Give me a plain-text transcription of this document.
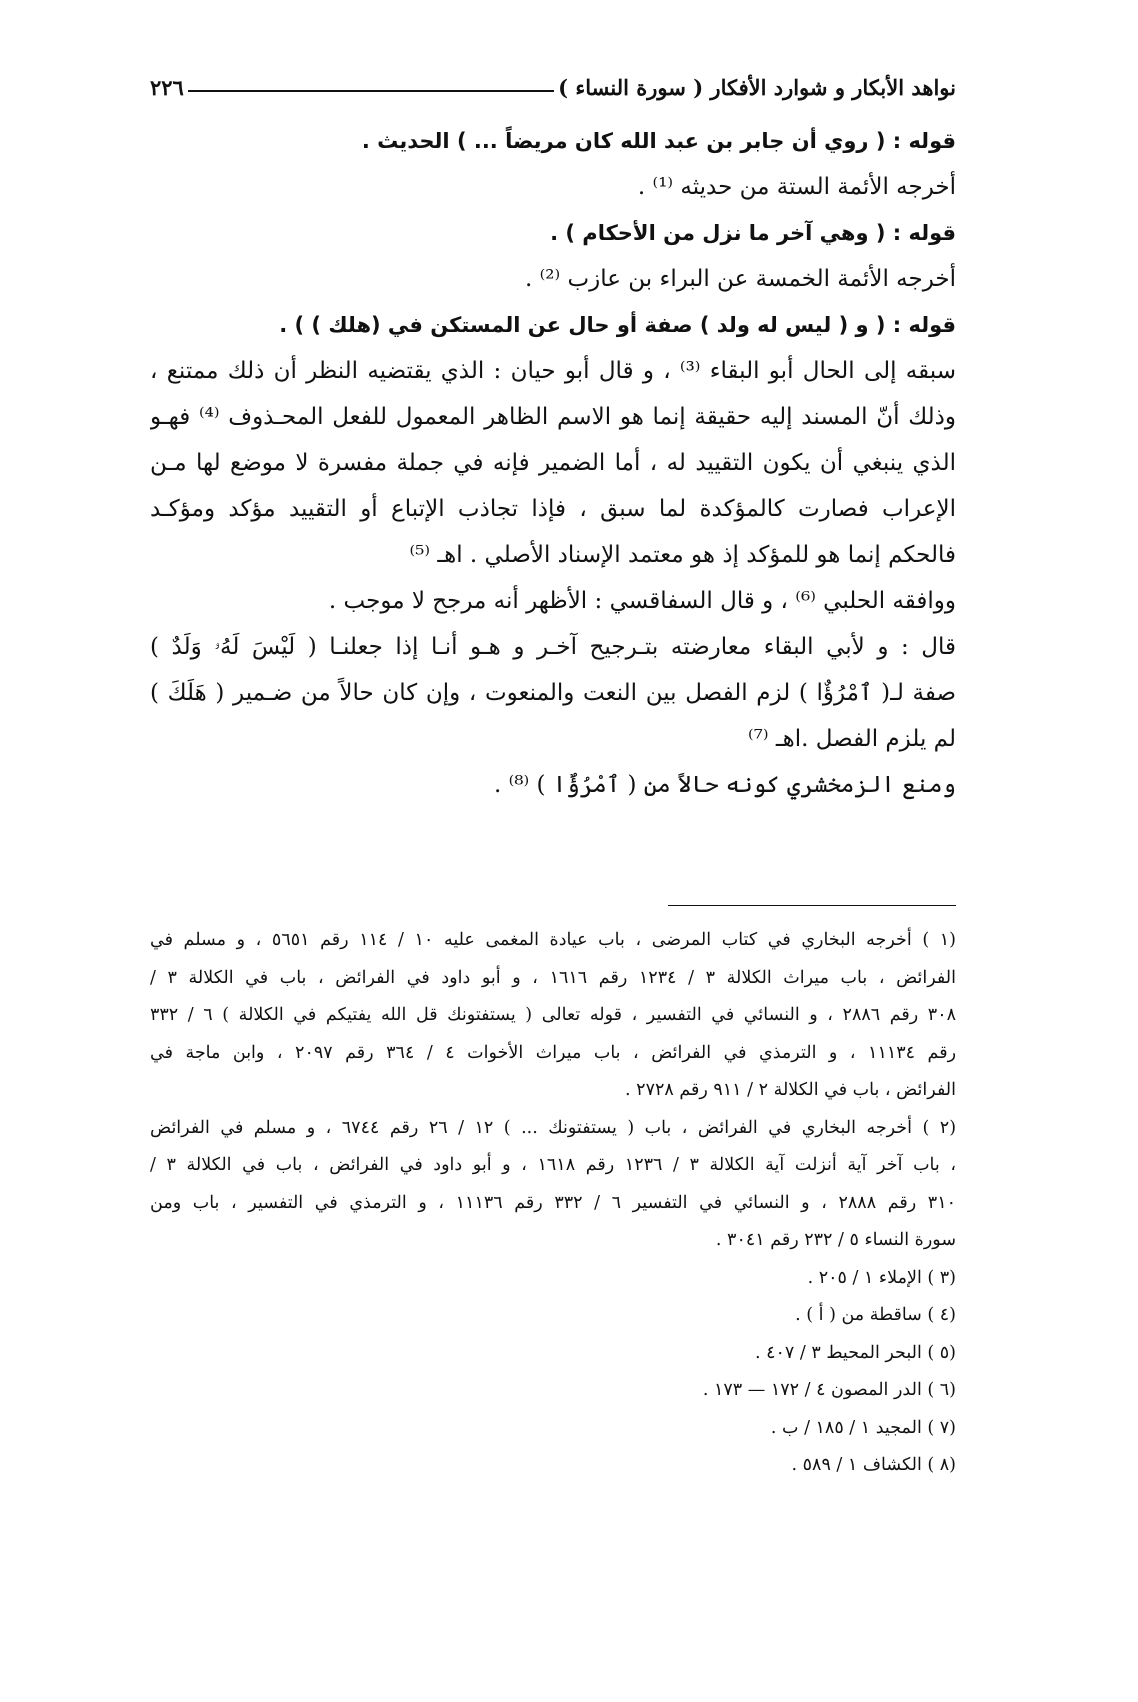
نواهد الأبكار و شوارد الأفكار ( سورة النساء )
٢٢٦
قوله : ( روي أن جابر بن عبد الله كان مريضاً ... ) الحديث .
أخرجه الأئمة الستة من حديثه ⁽¹⁾ .
قوله : ( وهي آخر ما نزل من الأحكام ) .
أخرجه الأئمة الخمسة عن البراء بن عازب ⁽²⁾ .
قوله : ( و ( ليس له ولد ) صفة أو حال عن المستكن في (هلك ) ) .
سبقه إلى الحال أبو البقاء ⁽³⁾ ، و قال أبو حيان : الذي يقتضيه النظر أن ذلك ممتنع ،
وذلك أنّ المسند إليه حقيقة إنما هو الاسم الظاهر المعمول للفعل المحـذوف ⁽⁴⁾ فهـو
الذي ينبغي أن يكون التقييد له ، أما الضمير فإنه في جملة مفسرة لا موضع لها مـن
الإعراب فصارت كالمؤكدة لما سبق ، فإذا تجاذب الإتباع أو التقييد مؤكد ومؤكـد
فالحكم إنما هو للمؤكد إذ هو معتمد الإسناد الأصلي . اهـ ⁽⁵⁾
ووافقه الحلبي ⁽⁶⁾ ، و قال السفاقسي : الأظهر أنه مرجح لا موجب .
قال : و لأبي البقاء معارضته بتـرجيح آخـر و هـو أنـا إذا جعلنـا ( لَيْسَ لَهُۥ وَلَدٌ )
صفة لـ( ٱمْرُؤٌا ) لزم الفصل بين النعت والمنعوت ، وإن كان حالاً من ضـمير ( هَلَكَ )
لم يلزم الفصل .اهـ ⁽⁷⁾
ومنع الزمخشري كونه حالاً من ( ٱمْرُؤٌا ) ⁽⁸⁾ .
(١ ) أخرجه البخاري في كتاب المرضى ، باب عيادة المغمى عليه ١٠ / ١١٤ رقم ٥٦٥١ ، و مسلم في
الفرائض ، باب ميراث الكلالة ٣ / ١٢٣٤ رقم ١٦١٦ ، و أبو داود في الفرائض ، باب في الكلالة ٣ /
٣٠٨ رقم ٢٨٨٦ ، و النسائي في التفسير ، قوله تعالى ( يستفتونك قل الله يفتيكم في الكلالة ) ٦ / ٣٣٢
رقم ١١١٣٤ ، و الترمذي في الفرائض ، باب ميراث الأخوات ٤ / ٣٦٤ رقم ٢٠٩٧ ، وابن ماجة في
الفرائض ، باب في الكلالة ٢ / ٩١١ رقم ٢٧٢٨ .
(٢ ) أخرجه البخاري في الفرائض ، باب ( يستفتونك ... ) ١٢ / ٢٦ رقم ٦٧٤٤ ، و مسلم في الفرائض
، باب آخر آية أنزلت آية الكلالة ٣ / ١٢٣٦ رقم ١٦١٨ ، و أبو داود في الفرائض ، باب في الكلالة ٣ /
٣١٠ رقم ٢٨٨٨ ، و النسائي في التفسير ٦ / ٣٣٢ رقم ١١١٣٦ ، و الترمذي في التفسير ، باب ومن
سورة النساء ٥ / ٢٣٢ رقم ٣٠٤١ .
(٣ ) الإملاء ١ / ٢٠٥ .
(٤ ) ساقطة من ( أ ) .
(٥ ) البحر المحيط ٣ / ٤٠٧ .
(٦ ) الدر المصون ٤ / ١٧٢ — ١٧٣ .
(٧ ) المجيد ١ / ١٨٥ / ب .
(٨ ) الكشاف ١ / ٥٨٩ .
